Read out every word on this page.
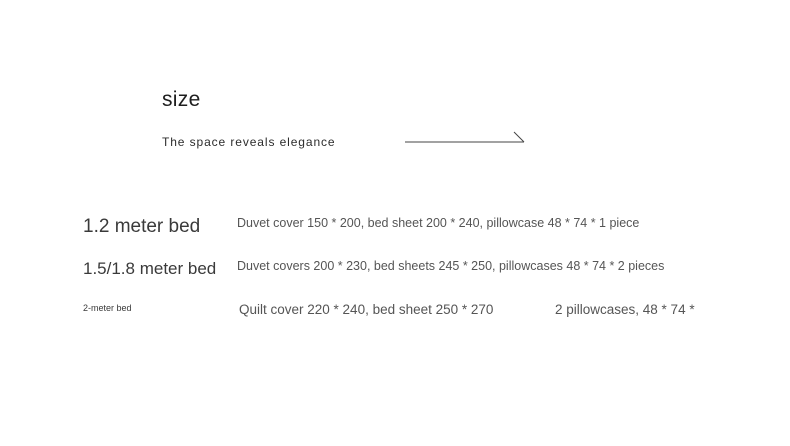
size
The space reveals elegance
1.2 meter bed	Duvet cover 150 * 200, bed sheet 200 * 240, pillowcase 48 * 74 * 1 piece
1.5/1.8 meter bed Duvet covers 200 * 230, bed sheets 245 * 250, pillowcases 48 * 74 * 2 pieces
2-meter bed	Quilt cover 220 * 240, bed sheet 250 * 270	2 pillowcases, 48 * 74 *
